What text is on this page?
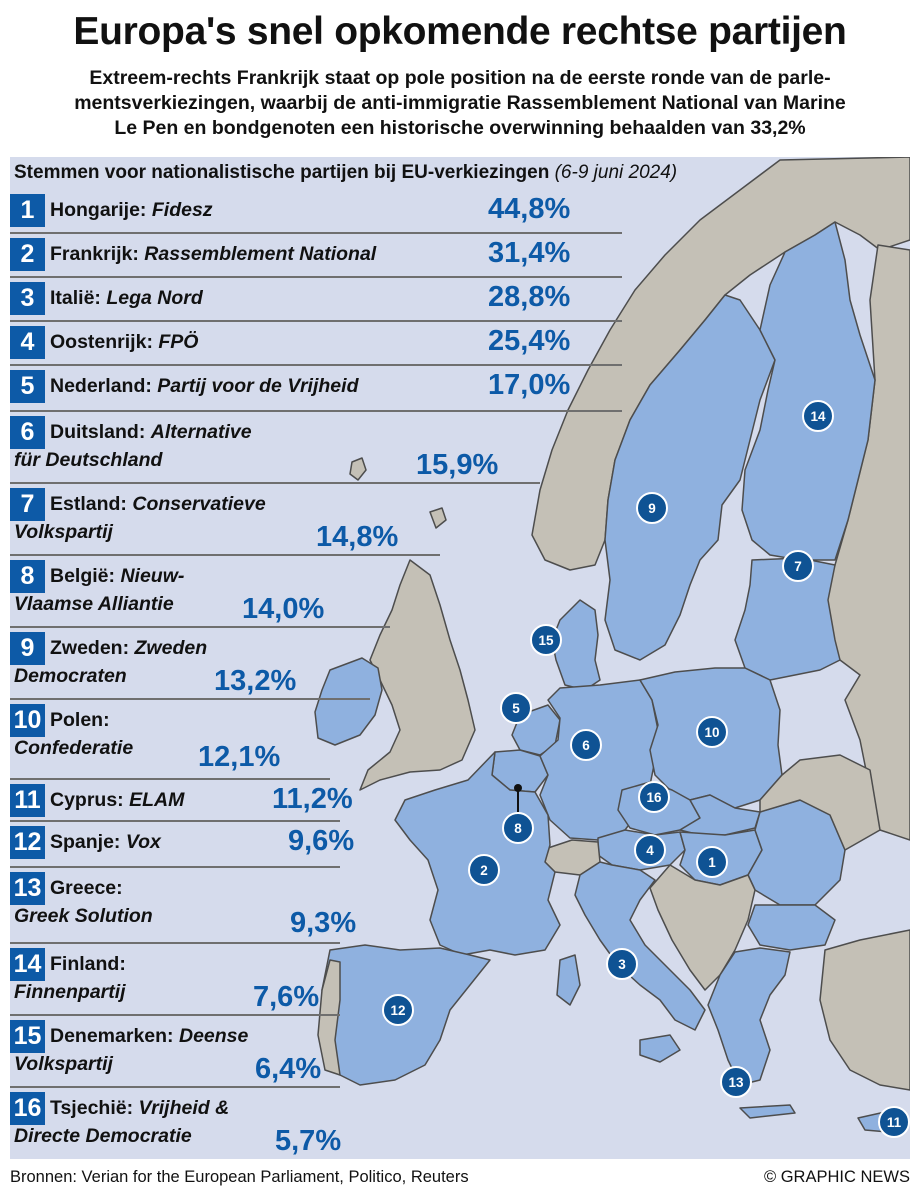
Europa's snel opkomende rechtse partijen
Extreem-rechts Frankrijk staat op pole position na de eerste ronde van de parle-
mentsverkiezingen, waarbij de anti-immigratie Rassemblement National van Marine
Le Pen en bondgenoten een historische overwinning behaalden van 33,2%
1
2
3
4
5
6
7
8
9
10
11
12
13
14
15
16
Stemmen voor nationalistische partijen bij EU-verkiezingen (6-9 juni 2024)
1 Hongarije: Fidesz	44,8%
2 Frankrijk: Rassemblement National	31,4%
3 Italië: Lega Nord	28,8%
4 Oostenrijk: FPÖ	25,4%
5 Nederland: Partij voor de Vrijheid	17,0%
6 Duitsland: Alternative
für Deutschland	15,9%
7 Estland: Conservatieve
Volkspartij	14,8%
8 België: Nieuw-
Vlaamse Alliantie 14,0%
9 Zweden: Zweden
Democraten	13,2%
10 Polen:
Confederatie 12,1%
11 Cyprus: ELAM	11,2%
12 Spanje: Vox	9,6%
13 Greece:
Greek Solution	9,3%
14 Finland:
Finnenpartij	7,6%
15 Denemarken: Deense
Volkspartij	6,4%
16 Tsjechië: Vrijheid &
Directe Democratie	5,7%
Bronnen: Verian for the European Parliament, Politico, Reuters	© GRAPHIC NEWS
